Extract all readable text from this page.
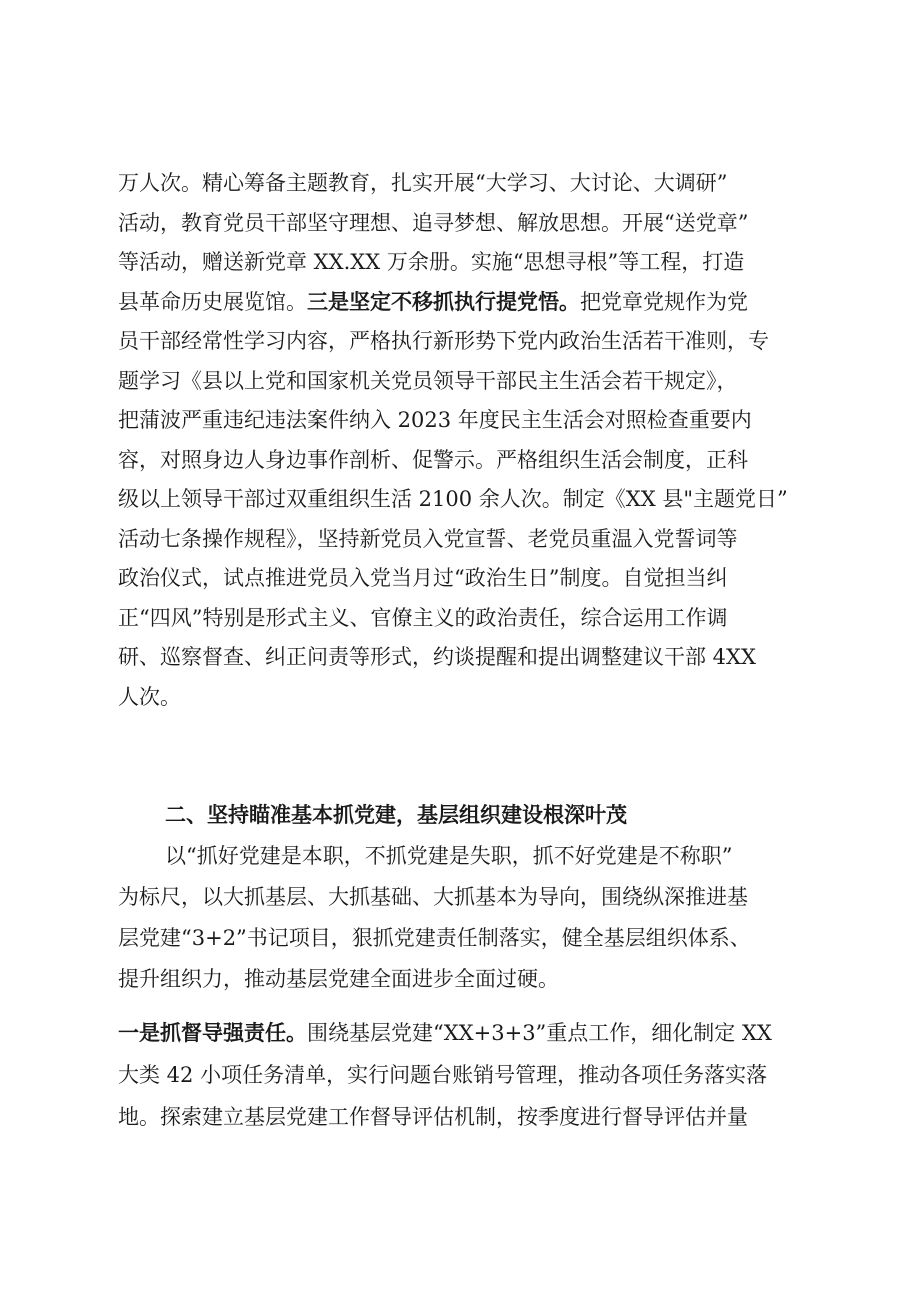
万人次。精心筹备主题教育，扎实开展“大学习、大讨论、大调研”
活动，教育党员干部坚守理想、追寻梦想、解放思想。开展“送党章”
等活动，赠送新党章 XX.XX 万余册。实施“思想寻根”等工程，打造
县革命历史展览馆。三是坚定不移抓执行提党悟。把党章党规作为党
员干部经常性学习内容，严格执行新形势下党内政治生活若干准则，专
题学习《县以上党和国家机关党员领导干部民主生活会若干规定》，
把蒲波严重违纪违法案件纳入 2023 年度民主生活会对照检查重要内
容，对照身边人身边事作剖析、促警示。严格组织生活会制度，正科
级以上领导干部过双重组织生活 2100 余人次。制定《XX 县"主题党日”
活动七条操作规程》，坚持新党员入党宣誓、老党员重温入党誓词等
政治仪式，试点推进党员入党当月过“政治生日”制度。自觉担当纠
正“四风”特别是形式主义、官僚主义的政治责任，综合运用工作调
研、巡察督查、纠正问责等形式，约谈提醒和提出调整建议干部 4XX
人次。
二、坚持瞄准基本抓党建，基层组织建设根深叶茂
以“抓好党建是本职，不抓党建是失职，抓不好党建是不称职”
为标尺，以大抓基层、大抓基础、大抓基本为导向，围绕纵深推进基
层党建“3+2”书记项目，狠抓党建责任制落实，健全基层组织体系、
提升组织力，推动基层党建全面进步全面过硬。
一是抓督导强责任。围绕基层党建“XX+3+3”重点工作，细化制定 XX
大类 42 小项任务清单，实行问题台账销号管理，推动各项任务落实落
地。探索建立基层党建工作督导评估机制，按季度进行督导评估并量
